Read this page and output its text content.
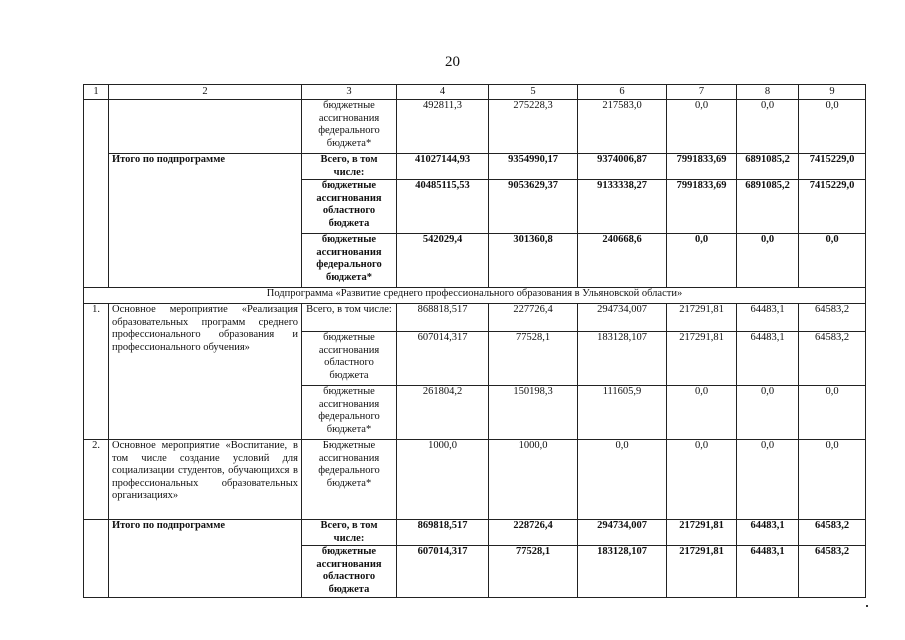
20
1	2	3	4	5	6	7	8	9
		бюджетные ассигнования федерального бюджета*	492811,3	275228,3	217583,0	0,0	0,0	0,0
	Итого по подпрограмме	Всего, в том числе:	41027144,93	9354990,17	9374006,87	7991833,69	6891085,2	7415229,0
		бюджетные ассигнования областного бюджета	40485115,53	9053629,37	9133338,27	7991833,69	6891085,2	7415229,0
		бюджетные ассигнования федерального бюджета*	542029,4	301360,8	240668,6	0,0	0,0	0,0
Подпрограмма «Развитие среднего профессионального образования в Ульяновской области»								
1.	Основное мероприятие «Реализация образовательных программ среднего профессионального образования и профессионального обучения»	Всего, в том числе:	868818,517	227726,4	294734,007	217291,81	64483,1	64583,2
		бюджетные ассигнования областного бюджета	607014,317	77528,1	183128,107	217291,81	64483,1	64583,2
		бюджетные ассигнования федерального бюджета*	261804,2	150198,3	111605,9	0,0	0,0	0,0
2.	Основное мероприятие «Воспитание, в том числе создание условий для социализации студентов, обучающихся в профессиональных образовательных организациях»	Бюджетные ассигнования федерального бюджета*	1000,0	1000,0	0,0	0,0	0,0	0,0
	Итого по подпрограмме	Всего, в том числе:	869818,517	228726,4	294734,007	217291,81	64483,1	64583,2
		бюджетные ассигнования областного бюджета	607014,317	77528,1	183128,107	217291,81	64483,1	64583,2
